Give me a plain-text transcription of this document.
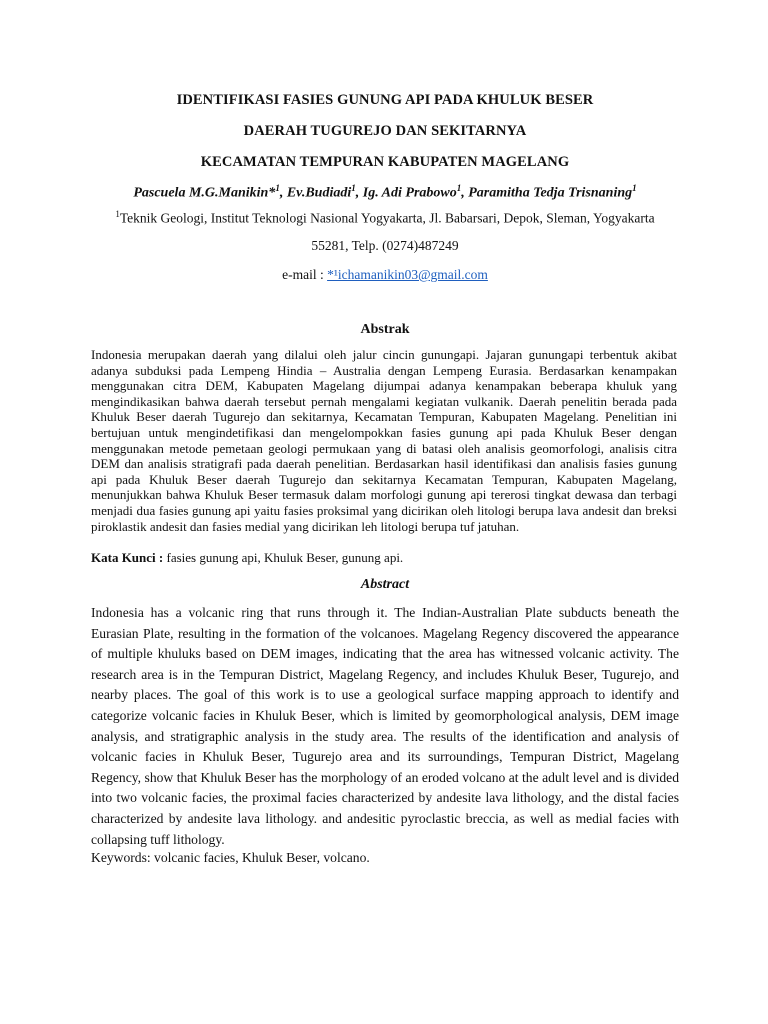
IDENTIFIKASI FASIES GUNUNG API PADA KHULUK BESER
DAERAH TUGUREJO DAN SEKITARNYA
KECAMATAN TEMPURAN KABUPATEN MAGELANG
Pascuela M.G.Manikin*$^1$, Ev.Budiadi$^1$, Ig. Adi Prabowo$^1$, Paramitha Tedja Trisnaning$^1$
$^1$Teknik Geologi, Institut Teknologi Nasional Yogyakarta, Jl. Babarsari, Depok, Sleman, Yogyakarta
55281, Telp. (0274)487249
e-mail : *¹ichamanikin03@gmail.com
Abstrak
Indonesia merupakan daerah yang dilalui oleh jalur cincin gunungapi. Jajaran gunungapi terbentuk akibat adanya subduksi pada Lempeng Hindia – Australia dengan Lempeng Eurasia. Berdasarkan kenampakan menggunakan citra DEM, Kabupaten Magelang dijumpai adanya kenampakan beberapa khuluk yang mengindikasikan bahwa daerah tersebut pernah mengalami kegiatan vulkanik. Daerah penelitin berada pada Khuluk Beser daerah Tugurejo dan sekitarnya, Kecamatan Tempuran, Kabupaten Magelang. Penelitian ini bertujuan untuk mengindetifikasi dan mengelompokkan fasies gunung api pada Khuluk Beser dengan menggunakan metode pemetaan geologi permukaan yang di batasi oleh analisis geomorfologi, analisis citra DEM dan analisis stratigrafi pada daerah penelitian. Berdasarkan hasil identifikasi dan analisis fasies gunung api pada Khuluk Beser daerah Tugurejo dan sekitarnya Kecamatan Tempuran, Kabupaten Magelang, menunjukkan bahwa Khuluk Beser termasuk dalam morfologi gunung api tererosi tingkat dewasa dan terbagi menjadi dua fasies gunung api yaitu fasies proksimal yang dicirikan oleh litologi berupa lava andesit dan breksi piroklastik andesit dan fasies medial yang dicirikan leh litologi berupa tuf jatuhan.
Kata Kunci : fasies gunung api, Khuluk Beser, gunung api.
Abstract
Indonesia has a volcanic ring that runs through it. The Indian-Australian Plate subducts beneath the Eurasian Plate, resulting in the formation of the volcanoes. Magelang Regency discovered the appearance of multiple khuluks based on DEM images, indicating that the area has witnessed volcanic activity. The research area is in the Tempuran District, Magelang Regency, and includes Khuluk Beser, Tugurejo, and nearby places. The goal of this work is to use a geological surface mapping approach to identify and categorize volcanic facies in Khuluk Beser, which is limited by geomorphological analysis, DEM image analysis, and stratigraphic analysis in the study area. The results of the identification and analysis of volcanic facies in Khuluk Beser, Tugurejo area and its surroundings, Tempuran District, Magelang Regency, show that Khuluk Beser has the morphology of an eroded volcano at the adult level and is divided into two volcanic facies, the proximal facies characterized by andesite lava lithology, and the distal facies characterized by andesite lava lithology. and andesitic pyroclastic breccia, as well as medial facies with collapsing tuff lithology.
Keywords: volcanic facies, Khuluk Beser, volcano.
